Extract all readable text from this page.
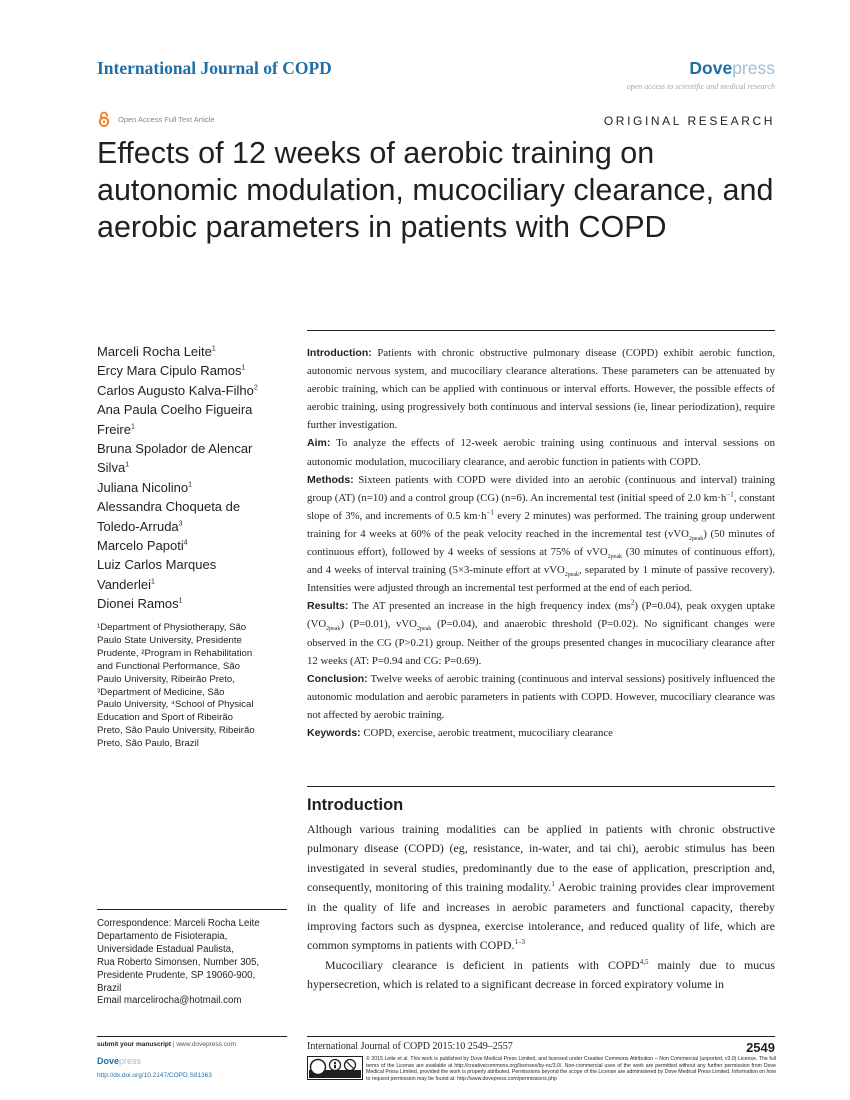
International Journal of COPD	Dovepress
open access to scientific and medical research
Open Access Full Text Article	ORIGINAL RESEARCH
Effects of 12 weeks of aerobic training on autonomic modulation, mucociliary clearance, and aerobic parameters in patients with COPD
Marceli Rocha Leite$^1$
Ercy Mara Cipulo Ramos$^1$
Carlos Augusto Kalva-Filho$^2$
Ana Paula Coelho Figueira
Freire$^1$
Bruna Spolador de Alencar
Silva$^1$
Juliana Nicolino$^1$
Alessandra Choqueta de
Toledo-Arruda$^3$
Marcelo Papoti$^4$
Luiz Carlos Marques
Vanderlei$^1$
Dionei Ramos$^1$
¹Department of Physiotherapy, São
Paulo State University, Presidente
Prudente, ²Program in Rehabilitation
and Functional Performance, São
Paulo University, Ribeirão Preto,
³Department of Medicine, São
Paulo University, ⁴School of Physical
Education and Sport of Ribeirão
Preto, São Paulo University, Ribeirão
Preto, São Paulo, Brazil
Correspondence: Marceli Rocha Leite
Departamento de Fisioterapia,
Universidade Estadual Paulista,
Rua Roberto Simonsen, Number 305,
Presidente Prudente, SP 19060-900,
Brazil
Email marcelirocha@hotmail.com

Introduction: Patients with chronic obstructive pulmonary disease (COPD) exhibit aerobic function, autonomic nervous system, and mucociliary clearance alterations. These parameters can be attenuated by aerobic training, which can be applied with continuous or interval efforts. However, the possible effects of aerobic training, using progressively both continuous and interval sessions (ie, linear periodization), require further investigation.

Aim: To analyze the effects of 12-week aerobic training using continuous and interval sessions on autonomic modulation, mucociliary clearance, and aerobic function in patients with COPD.

Methods: Sixteen patients with COPD were divided into an aerobic (continuous and interval) training group (AT) (n=10) and a control group (CG) (n=6). An incremental test (initial speed of 2.0 $km\cdot h^{-1}$, constant slope of 3%, and increments of 0.5 $km\cdot h^{-1}$ every 2 minutes) was performed. The training group underwent training for 4 weeks at 60% of the peak velocity reached in the incremental test (vVO$_{2peak}$) (50 minutes of continuous effort), followed by 4 weeks of sessions at 75% of vVO$_{2peak}$ (30 minutes of continuous effort), and 4 weeks of interval training (5×3-minute effort at vVO$_{2peak}$, separated by 1 minute of passive recovery). Intensities were adjusted through an incremental test performed at the end of each period.

Results: The AT presented an increase in the high frequency index $(ms^2)$ (P=0.04), peak oxygen uptake $(VO_{2peak})$ (P=0.01), vVO$_{2peak}$ (P=0.04), and anaerobic threshold (P=0.02). No significant changes were observed in the CG (P>0.21) group. Neither of the groups presented changes in mucociliary clearance after 12 weeks (AT: P=0.94 and CG: P=0.69).

Conclusion: Twelve weeks of aerobic training (continuous and interval sessions) positively influenced the autonomic modulation and aerobic parameters in patients with COPD. However, mucociliary clearance was not affected by aerobic training.

Keywords: COPD, exercise, aerobic treatment, mucociliary clearance

Introduction

Although various training modalities can be applied in patients with chronic obstructive pulmonary disease (COPD) (eg, resistance, in-water, and tai chi), aerobic stimulus has been investigated in several studies, predominantly due to the ease of application, prescription and, consequently, monitoring of this training modality.$^1$ Aerobic training provides clear improvement in the quality of life and increases in aerobic parameters and functional capacity, thereby improving factors such as dyspnea, exercise intolerance, and reduced quality of life, which are common symptoms in patients with COPD.$^{1-3}$

Mucociliary clearance is deficient in patients with COPD$^{4,5}$ mainly due to mucus hypersecretion, which is related to a significant decrease in forced expiratory volume in

submit your manuscript | www.dovepress.com
Dovepress
http://dx.doi.org/10.2147/COPD.S81363
International Journal of COPD 2015:10 2549–2557	2549
© 2015 Leite et al. This work is published by Dove Medical Press Limited, and licensed under Creative Commons Attribution – Non Commercial (unported, v3.0) License. The full terms of the License are available at http://creativecommons.org/licenses/by-nc/3.0/. Non-commercial uses of the work are permitted without any further permission from Dove Medical Press Limited, provided the work is properly attributed. Permissions beyond the scope of the License are administered by Dove Medical Press Limited. Information on how to request permission may be found at: http://www.dovepress.com/permissions.php
